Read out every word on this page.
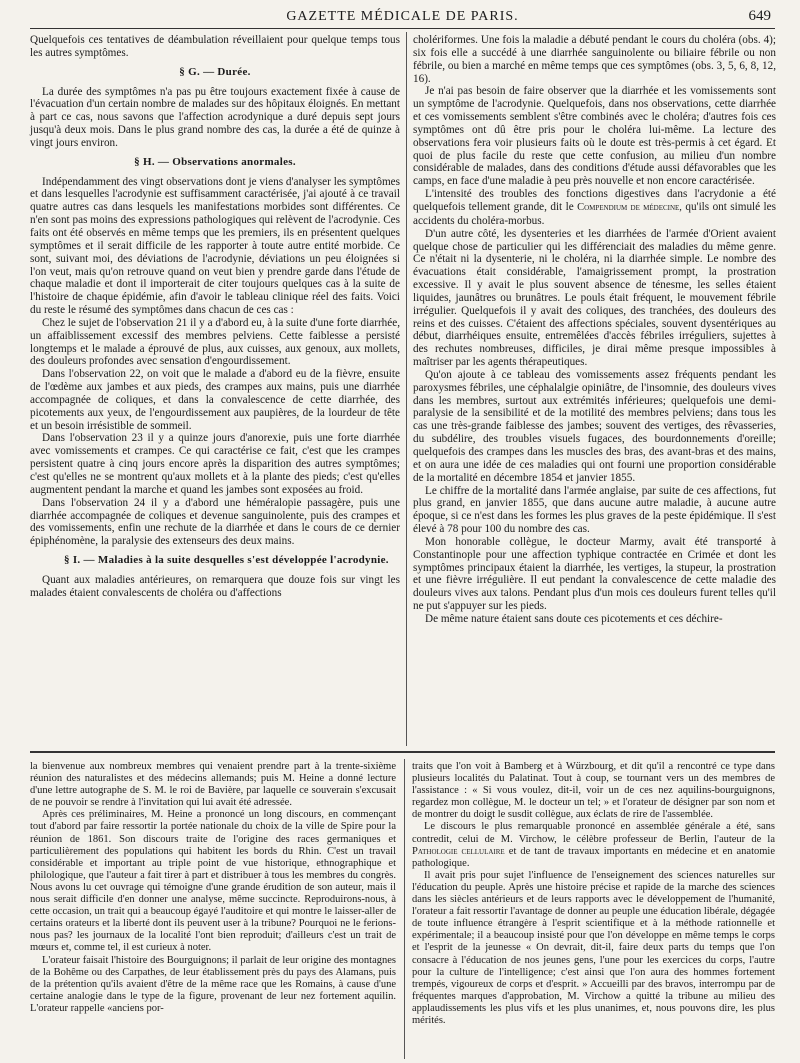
GAZETTE MÉDICALE DE PARIS.	649

Quelquefois ces tentatives de déambulation réveillaient pour quelque temps tous les autres symptômes.

§ G. — Durée.

La durée des symptômes n'a pas pu être toujours exactement fixée à cause de l'évacuation d'un certain nombre de malades sur des hôpitaux éloignés. En mettant à part ce cas, nous savons que l'affection acrodynique a duré depuis sept jours jusqu'à deux mois. Dans le plus grand nombre des cas, la durée a été de quinze à vingt jours environ.

§ H. — Observations anormales.

Indépendamment des vingt observations dont je viens d'analyser les symptômes et dans lesquelles l'acrodynie est suffisamment caractérisée, j'ai ajouté à ce travail quatre autres cas dans lesquels les manifestations morbides sont différentes. Ce n'en sont pas moins des expressions pathologiques qui relèvent de l'acrodynie. Ces faits ont été observés en même temps que les premiers, ils en présentent quelques symptômes et il serait difficile de les rapporter à toute autre entité morbide. Ce sont, suivant moi, des déviations de l'acrodynie, déviations un peu éloignées si l'on veut, mais qu'on retrouve quand on veut bien y prendre garde dans l'étude de chaque maladie et dont il importerait de citer toujours quelques cas à la suite de l'histoire de chaque épidémie, afin d'avoir le tableau clinique réel des faits. Voici du reste le résumé des symptômes dans chacun de ces cas :

Chez le sujet de l'observation 21 il y a d'abord eu, à la suite d'une forte diarrhée, un affaiblissement excessif des membres pelviens. Cette faiblesse a persisté longtemps et le malade a éprouvé de plus, aux cuisses, aux genoux, aux mollets, des douleurs profondes avec sensation d'engourdissement.

Dans l'observation 22, on voit que le malade a d'abord eu de la fièvre, ensuite de l'œdème aux jambes et aux pieds, des crampes aux mains, puis une diarrhée accompagnée de coliques, et dans la convalescence de cette diarrhée, des picotements aux yeux, de l'engourdissement aux paupières, de la lourdeur de tête et un besoin irrésistible de sommeil.

Dans l'observation 23 il y a quinze jours d'anorexie, puis une forte diarrhée avec vomissements et crampes. Ce qui caractérise ce fait, c'est que les crampes persistent quatre à cinq jours encore après la disparition des autres symptômes; c'est qu'elles ne se montrent qu'aux mollets et à la plante des pieds; c'est qu'elles augmentent pendant la marche et quand les jambes sont exposées au froid.

Dans l'observation 24 il y a d'abord une héméralopie passagère, puis une diarrhée accompagnée de coliques et devenue sanguinolente, puis des crampes et des vomissements, enfin une rechute de la diarrhée et dans le cours de ce dernier épiphénomène, la paralysie des extenseurs des deux mains.

§ I. — Maladies à la suite desquelles s'est développée l'acrodynie.

Quant aux maladies antérieures, on remarquera que douze fois sur vingt les malades étaient convalescents de choléra ou d'affections

cholériformes. Une fois la maladie a débuté pendant le cours du choléra (obs. 4); six fois elle a succédé à une diarrhée sanguinolente ou biliaire fébrile ou non fébrile, ou bien a marché en même temps que ces symptômes (obs. 3, 5, 6, 8, 12, 16).

Je n'ai pas besoin de faire observer que la diarrhée et les vomissements sont un symptôme de l'acrodynie. Quelquefois, dans nos observations, cette diarrhée et ces vomissements semblent s'être combinés avec le choléra; d'autres fois ces symptômes ont dû être pris pour le choléra lui-même. La lecture des observations fera voir plusieurs faits où le doute est très-permis à cet égard. Et quoi de plus facile du reste que cette confusion, au milieu d'un nombre considérable de malades, dans des conditions d'étude aussi défavorables que les camps, en face d'une maladie à peu près nouvelle et non encore caractérisée.

L'intensité des troubles des fonctions digestives dans l'acrydonie a été quelquefois tellement grande, dit le Compendium de médecine, qu'ils ont simulé les accidents du choléra-morbus.

D'un autre côté, les dysenteries et les diarrhées de l'armée d'Orient avaient quelque chose de particulier qui les différenciait des maladies du même genre. Ce n'était ni la dysenterie, ni le choléra, ni la diarrhée simple. Le nombre des évacuations était considérable, l'amaigrissement prompt, la prostration excessive. Il y avait le plus souvent absence de ténesme, les selles étaient liquides, jaunâtres ou brunâtres. Le pouls était fréquent, le mouvement fébrile irrégulier. Quelquefois il y avait des coliques, des tranchées, des douleurs des reins et des cuisses. C'étaient des affections spéciales, souvent dysentériques au début, diarrhéiques ensuite, entremêlées d'accès fébriles irréguliers, sujettes à des rechutes nombreuses, difficiles, je dirai même presque impossibles à maîtriser par les agents thérapeutiques.

Qu'on ajoute à ce tableau des vomissements assez fréquents pendant les paroxysmes fébriles, une céphalalgie opiniâtre, de l'insomnie, des douleurs vives dans les membres, surtout aux extrémités inférieures; quelquefois une demi-paralysie de la sensibilité et de la motilité des membres pelviens; dans tous les cas une très-grande faiblesse des jambes; souvent des vertiges, des rêvasseries, du subdélire, des troubles visuels fugaces, des bourdonnements d'oreille; quelquefois des crampes dans les muscles des bras, des avant-bras et des mains, et on aura une idée de ces maladies qui ont fourni une proportion considérable de la mortalité en décembre 1854 et janvier 1855.

Le chiffre de la mortalité dans l'armée anglaise, par suite de ces affections, fut plus grand, en janvier 1855, que dans aucune autre maladie, à aucune autre époque, si ce n'est dans les formes les plus graves de la peste épidémique. Il s'est élevé à 78 pour 100 du nombre des cas.

Mon honorable collègue, le docteur Marmy, avait été transporté à Constantinople pour une affection typhique contractée en Crimée et dont les symptômes principaux étaient la diarrhée, les vertiges, la stupeur, la prostration et une fièvre irrégulière. Il eut pendant la convalescence de cette maladie des douleurs vives aux talons. Pendant plus d'un mois ces douleurs furent telles qu'il ne put s'appuyer sur les pieds.

De même nature étaient sans doute ces picotements et ces déchire-

la bienvenue aux nombreux membres qui venaient prendre part à la trente-sixième réunion des naturalistes et des médecins allemands; puis M. Heine a donné lecture d'une lettre autographe de S. M. le roi de Bavière, par laquelle ce souverain s'excusait de ne pouvoir se rendre à l'invitation qui lui avait été adressée.

Après ces préliminaires, M. Heine a prononcé un long discours, en commençant tout d'abord par faire ressortir la portée nationale du choix de la ville de Spire pour la réunion de 1861. Son discours traite de l'origine des races germaniques et particulièrement des populations qui habitent les bords du Rhin. C'est un travail considérable et important au triple point de vue historique, ethnographique et philologique, que l'auteur a fait tirer à part et distribuer à tous les membres du congrès. Nous avons lu cet ouvrage qui témoigne d'une grande érudition de son auteur, mais il nous serait difficile d'en donner une analyse, même succincte. Reproduirons-nous, à cette occasion, un trait qui a beaucoup égayé l'auditoire et qui montre le laisser-aller de certains orateurs et la liberté dont ils peuvent user à la tribune? Pourquoi ne le ferions-nous pas? les journaux de la localité l'ont bien reproduit; d'ailleurs c'est un trait de mœurs et, comme tel, il est curieux à noter.

L'orateur faisait l'histoire des Bourguignons; il parlait de leur origine des montagnes de la Bohême ou des Carpathes, de leur établissement près du pays des Alamans, puis de la prétention qu'ils avaient d'être de la même race que les Romains, à cause d'une certaine analogie dans le type de la figure, provenant de leur nez fortement aquilin. L'orateur rappelle «anciens por-

traits que l'on voit à Bamberg et à Würzbourg, et dit qu'il a rencontré ce type dans plusieurs localités du Palatinat. Tout à coup, se tournant vers un des membres de l'assistance : « Si vous voulez, dit-il, voir un de ces nez aquilins-bourguignons, regardez mon collègue, M. le docteur un tel; » et l'orateur de désigner par son nom et de montrer du doigt le susdit collègue, aux éclats de rire de l'assemblée.

Le discours le plus remarquable prononcé en assemblée générale a été, sans contredit, celui de M. Virchow, le célèbre professeur de Berlin, l'auteur de la Pathologie cellulaire et de tant de travaux importants en médecine et en anatomie pathologique.

Il avait pris pour sujet l'influence de l'enseignement des sciences naturelles sur l'éducation du peuple. Après une histoire précise et rapide de la marche des sciences dans les siècles antérieurs et de leurs rapports avec le développement de l'humanité, l'orateur a fait ressortir l'avantage de donner au peuple une éducation libérale, dégagée de toute influence étrangère à l'esprit scientifique et à la méthode rationnelle et expérimentale; il a beaucoup insisté pour que l'on développe en même temps le corps et l'esprit de la jeunesse « On devrait, dit-il, faire deux parts du temps que l'on consacre à l'éducation de nos jeunes gens, l'une pour les exercices du corps, l'autre pour la culture de l'intelligence; c'est ainsi que l'on aura des hommes fortement trempés, vigoureux de corps et d'esprit. » Accueilli par des bravos, interrompu par de fréquentes marques d'approbation, M. Virchow a quitté la tribune au milieu des applaudissements les plus vifs et les plus unanimes, et, nous pouvons dire, les plus mérités.
